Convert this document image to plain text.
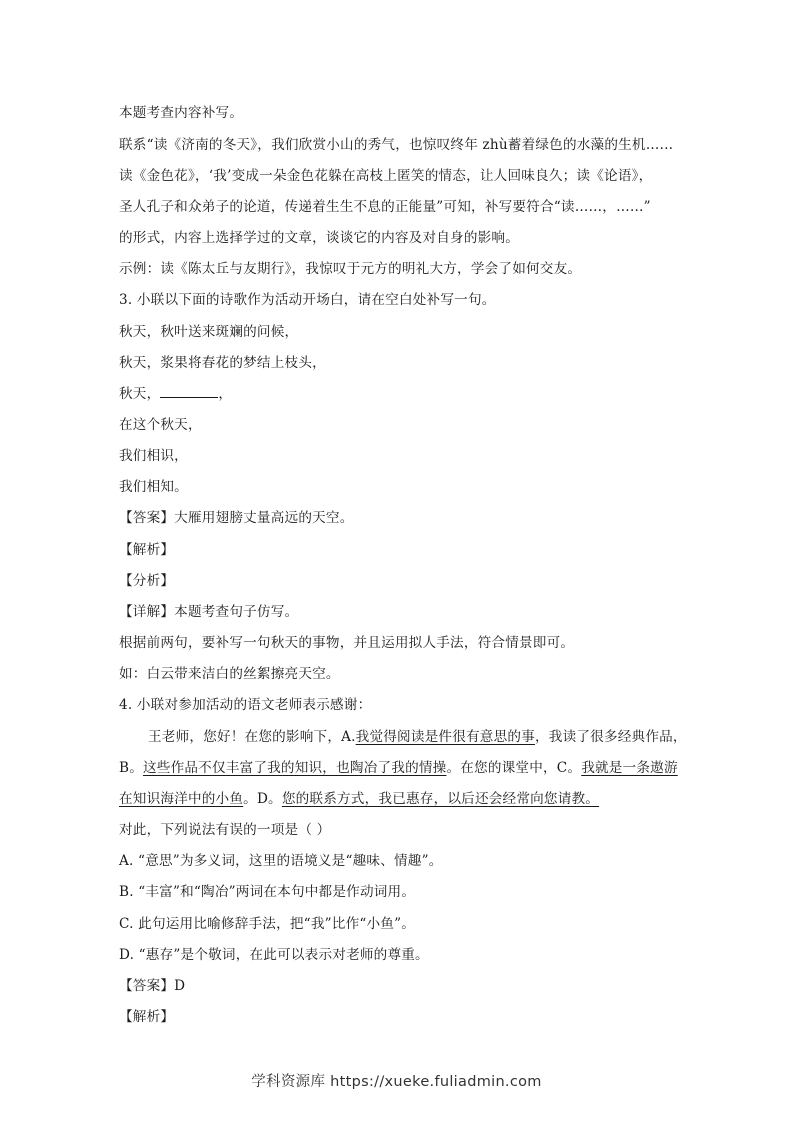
本题考查内容补写。
联系“读《济南的冬天》，我们欣赏小山的秀气，也惊叹终年 zhù蓄着绿色的水藻的生机……
读《金色花》，‘我’变成一朵金色花躲在高枝上匿笑的情态，让人回味良久；读《论语》，
圣人孔子和众弟子的论道，传递着生生不息的正能量”可知，补写要符合“读……，……”
的形式，内容上选择学过的文章，谈谈它的内容及对自身的影响。
示例：读《陈太丘与友期行》，我惊叹于元方的明礼大方，学会了如何交友。
3. 小联以下面的诗歌作为活动开场白，请在空白处补写一句。
秋天，秋叶送来斑斓的问候，
秋天，浆果将春花的梦结上枝头，
秋天，	，
在这个秋天，
我们相识，
我们相知。
【答案】大雁用翅膀丈量高远的天空。
【解析】
【分析】
【详解】本题考查句子仿写。
根据前两句，要补写一句秋天的事物，并且运用拟人手法，符合情景即可。
如：白云带来洁白的丝絮擦亮天空。
4. 小联对参加活动的语文老师表示感谢：
王老师，您好！在您的影响下，A.我觉得阅读是件很有意思的事，我读了很多经典作品，
B。这些作品不仅丰富了我的知识，也陶冶了我的情操。在您的课堂中，C。我就是一条遨游
在知识海洋中的小鱼。D。您的联系方式，我已惠存，以后还会经常向您请教。
对此，下列说法有误的一项是（ ）
A. “意思”为多义词，这里的语境义是“趣味、情趣”。
B. “丰富”和“陶冶”两词在本句中都是作动词用。
C. 此句运用比喻修辞手法，把“我”比作“小鱼”。
D. “惠存”是个敬词，在此可以表示对老师的尊重。
【答案】D
【解析】
学科资源库 https://xueke.fuliadmin.com
